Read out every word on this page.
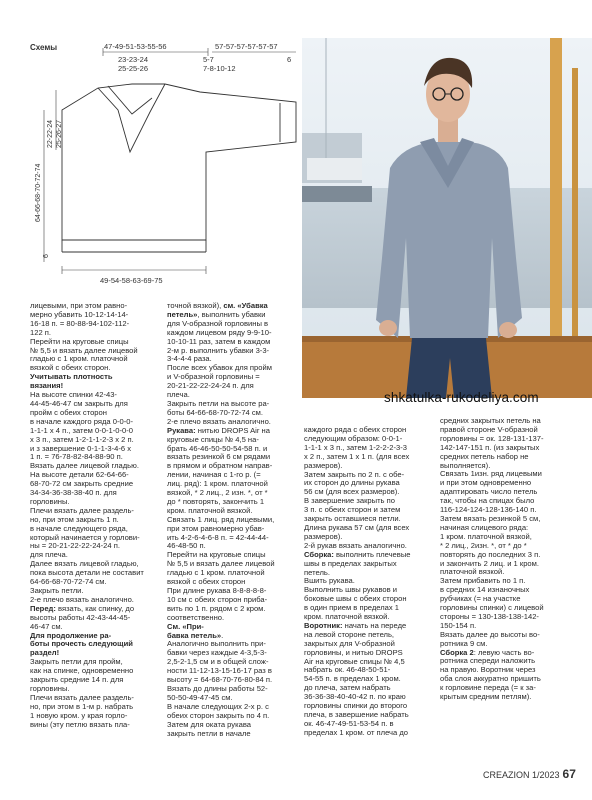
Схемы	47-49-51-53-55-56
23-23-24
25-25-26
57-57-57-57-57-57
5-7
7-8-10-12
6
22-22-24 25-26-27
64-66-68-70-72-74
6
49-54-58-63-69-75
shkatulka-rukodeliya.com

лицевыми, при этом равно-
мерно убавить 10-12-14-14-
16-18 п. = 80-88-94-102-112-
122 п.
Перейти на круговые спицы
№ 5,5 и вязать далее лицевой
гладью с 1 кром. платочной
вязкой с обеих сторон.

Учитывать плотность
вязания!

На высоте спинки 42-43-
44-45-46-47 см закрыть для
пройм с обеих сторон
в начале каждого ряда 0-0-0-
1-1-1 х 4 п., затем 0-0-1-0-0-0
х 3 п., затем 1-2-1-1-2-3 х 2 п.
и з завершение 0-1-1-3-4-6 х
1 п. = 76-78-82-84-88-90 п.
Вязать далее лицевой гладью.
На высоте детали 62-64-66-
68-70-72 см закрыть средние
34-34-36-38-38-40 п. для
горловины.
Плечи вязать далее раздель-
но, при этом закрыть 1 п.
в начале следующего ряда,
который начинается у горлови-
ны = 20-21-22-22-24-24 п.
для плеча.
Далее вязать лицевой гладью,
пока высота детали не составит
64-66-68-70-72-74 см.
Закрыть петли.
2-е плечо вязать аналогично.

Перед: вязать, как спинку, до
высоты работы 42-43-44-45-
46-47 см.

Для продолжение ра-
боты прочесть следующий
раздел!

Закрыть петли для пройм,
как на спинке, одновременно
закрыть средние 14 п. для
горловины.
Плечи вязать далее раздель-
но, при этом в 1-м р. набрать
1 новую кром. у края горло-
вины (эту петлю вязать пла-

точной вязкой), см. «Убавка
петель», выполнить убавки
для V-образной горловины в
каждом лицевом ряду 9-9-10-
10-10-11 раз, затем в каждом
2-м р. выполнить убавки 3-3-
3-4-4-4 раза.
После всех убавок для пройм
и V-образной горловины =
20-21-22-22-24-24 п. для
плеча.
Закрыть петли на высоте ра-
боты 64-66-68-70-72-74 см.
2-е плечо вязать аналогично.

Рукава: нитью DROPS Air на
круговые спицы № 4,5 на-
брать 46-46-50-50-54-58 п. и
вязать резинкой 6 см рядами
в прямом и обратном направ-
лении, начиная с 1-го р. (=
лиц. ряд): 1 кром. платочной
вязкой, * 2 лиц., 2 изн. *, от *
до * повторять, закончить 1
кром. платочной вязкой.
Связать 1 лиц. ряд лицевыми,
при этом равномерно убав-
ить 4-2-6-4-6-8 п. = 42-44-44-
46-48-50 п.
Перейти на круговые спицы
№ 5,5 и вязать далее лицевой
гладью с 1 кром. платочной
вязкой с обеих сторон
При длине рукава 8-8-8-8-8-
10 см с обеих сторон приба-
вить по 1 п. рядом с 2 кром.
соответственно.

См. «При-
бавка петель».
Аналогично выполнить при-
бавки через каждые 4-3,5-3-
2,5-2-1,5 см и в общей слож-
ности 11-12-13-15-16-17 раз в
высоту = 64-68-70-76-80-84 п.
Вязать до длины работы 52-
50-50-49-47-45 см.
В начале следующих 2-х р. с
обеих сторон закрыть по 4 п.
Затем для оката рукава
закрыть петли в начале

каждого ряда с обеих сторон
следующим образом: 0-0-1-
1-1-1 х 3 п., затем 1-2-2-2-3-3
х 2 п., затем 1 х 1 п. (для всех
размеров).
Затем закрыть по 2 п. с обе-
их сторон до длины рукава
56 см (для всех размеров).
В завершение закрыть по
3 п. с обеих сторон и затем
закрыть оставшиеся петли.
Длина рукава 57 см (для всех
размеров).
2-й рукав вязать аналогично.

Сборка: выполнить плечевые
швы в пределах закрытых
петель.
Вшить рукава.
Выполнить швы рукавов и
боковые швы с обеих сторон
в один прием в пределах 1
кром. платочной вязкой.

Воротник: начать на переде
на левой стороне петель,
закрытых для V-образной
горловины, и нитью DROPS
Air на круговые спицы № 4,5
набрать ок. 46-48-50-51-
54-55 п. в пределах 1 кром.
до плеча, затем набрать
36-36-38-40-40-42 п. по краю
горловины спинки до второго
плеча, в завершение набрать
ок. 46-47-49-51-53-54 п. в
пределах 1 кром. от плеча до

средних закрытых петель на
правой стороне V-образной
горловины = ок. 128-131-137-
142-147-151 п. (из закрытых
средних петель набор не
выполняется).
Связать 1изн. ряд лицевыми
и при этом одновременно
адаптировать число петель
так, чтобы на спицах было
116-124-124-128-136-140 п.
Затем вязать резинкой 5 см,
начиная слицевого ряда:
1 кром. платочной вязкой,
* 2 лиц., 2изн. *, от * до *
повторять до последних 3 п.
и закончить 2 лиц. и 1 кром.
платочной вязкой.
Затем прибавить по 1 п.
в средних 14 изнаночных
рубчиках (= на участке
горловины спинки) с лицевой
стороны = 130-138-138-142-
150-154 п.
Вязать далее до высоты во-
ротника 9 см.

Сборка 2: левую часть во-
ротника спереди наложить
на правую. Воротник через
оба слоя аккуратно пришить
к горловине переда (= к за-
крытым средним петлям).

CREAZION 1/2023 67
